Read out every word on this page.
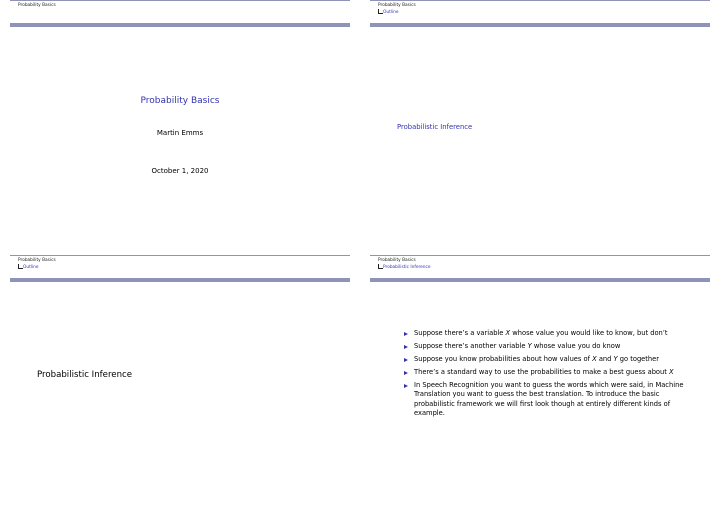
Probability Basics
Probability Basics
Martin Emms
October 1, 2020
Probability Basics
Outline
Probabilistic Inference
Probability Basics
Outline
Probabilistic Inference
Probability Basics
Probabilistic Inference
Suppose there’s a variable X whose value you would like to know, but don’t
Suppose there’s another variable Y whose value you do know
Suppose you know probabilities about how values of X and Y go together
There’s a standard way to use the probabilities to make a best guess about X
In Speech Recognition you want to guess the words which were said, in Machine Translation you want to guess the best translation. To introduce the basic probabilistic framework we will first look though at entirely different kinds of example.
